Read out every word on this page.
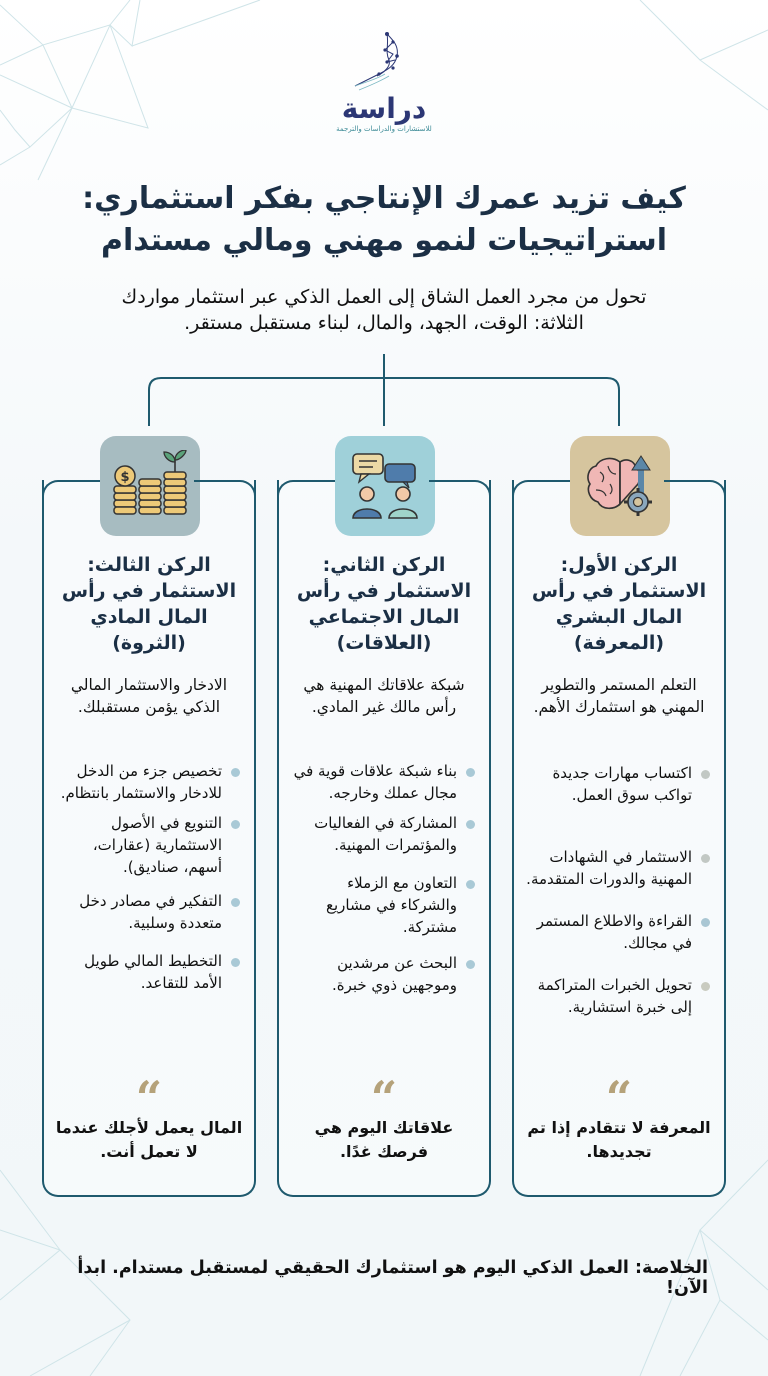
دراسة
للاستشارات والدراسات والترجمة
كيف تزيد عمرك الإنتاجي بفكر استثماري:
استراتيجيات لنمو مهني ومالي مستدام
تحول من مجرد العمل الشاق إلى العمل الذكي عبر استثمار مواردك
الثلاثة: الوقت، الجهد، والمال، لبناء مستقبل مستقر.
الركن الأول: الاستثمار في رأس المال البشري (المعرفة)
التعلم المستمر والتطوير المهني هو استثمارك الأهم.
اكتساب مهارات جديدة تواكب سوق العمل.
الاستثمار في الشهادات المهنية والدورات المتقدمة.
القراءة والاطلاع المستمر في مجالك.
تحويل الخبرات المتراكمة إلى خبرة استشارية.
“
المعرفة لا تتقادم إذا تم تجديدها.
الركن الثاني: الاستثمار في رأس المال الاجتماعي (العلاقات)
شبكة علاقاتك المهنية هي رأس مالك غير المادي.
بناء شبكة علاقات قوية في مجال عملك وخارجه.
المشاركة في الفعاليات والمؤتمرات المهنية.
التعاون مع الزملاء والشركاء في مشاريع مشتركة.
البحث عن مرشدين وموجهين ذوي خبرة.
“
علاقاتك اليوم هي فرصك غدًا.
$
الركن الثالث: الاستثمار في رأس المال المادي (الثروة)
الادخار والاستثمار المالي الذكي يؤمن مستقبلك.
تخصيص جزء من الدخل للادخار والاستثمار بانتظام.
التنويع في الأصول الاستثمارية (عقارات، أسهم، صناديق).
التفكير في مصادر دخل متعددة وسلبية.
التخطيط المالي طويل الأمد للتقاعد.
“
المال يعمل لأجلك عندما لا تعمل أنت.
الخلاصة: العمل الذكي اليوم هو استثمارك الحقيقي لمستقبل مستدام. ابدأ الآن!
